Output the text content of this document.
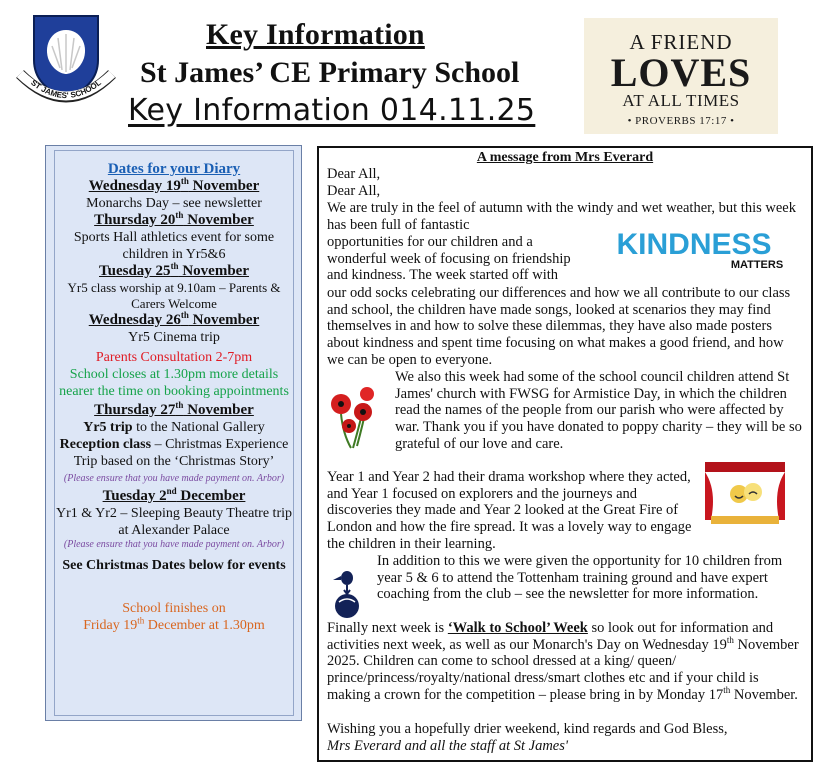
ST JAMES' SCHOOL
Key Information
St James’ CE Primary School
Key Information 014.11.25
A FRIEND
LOVES
AT ALL TIMES
• PROVERBS 17:17 •
Dates for your Diary
Wednesday 19th November
Monarchs Day – see newsletter
Thursday 20th November
Sports Hall athletics event for some children in Yr5&6
Tuesday 25th November
Yr5 class worship at 9.10am – Parents & Carers Welcome
Wednesday 26th November
Yr5 Cinema trip
Parents Consultation 2-7pm
School closes at 1.30pm more details nearer the time on booking appointments
Thursday 27th November
Yr5 trip to the National Gallery
Reception class – Christmas Experience Trip based on the ‘Christmas Story’
(Please ensure that you have made payment on. Arbor)
Tuesday 2nd December
Yr1 & Yr2 – Sleeping Beauty Theatre trip at Alexander Palace
(Please ensure that you have made payment on. Arbor)
See Christmas Dates below for events
School finishes on
Friday 19th December at 1.30pm
A message from Mrs Everard
Dear All,
Dear All,
We are truly in the feel of autumn with the windy and wet weather, but this week has been full of fantastic
opportunities for our children and a wonderful week of focusing on friendship and kindness. The week started off with
KINDNESS
MATTERS
our odd socks celebrating our differences and how we all contribute to our class and school, the children have made songs, looked at scenarios they may find themselves in and how to solve these dilemmas, they have also made posters about kindness and spent time focusing on what makes a good friend, and how we can be open to everyone.
We also this week had some of the school council children attend St James' church with FWSG for Armistice Day, in which the children read the names of the people from our parish who were affected by war. Thank you if you have donated to poppy charity – they will be so grateful of our love and care.
Year 1 and Year 2 had their drama workshop where they acted, and Year 1 focused on explorers and the journeys and discoveries they made and Year 2 looked at the Great Fire of London and how the fire spread. It was a lovely way to engage the children in their learning.
In addition to this we were given the opportunity for 10 children from year 5 & 6 to attend the Tottenham training ground and have expert coaching from the club – see the newsletter for more information.
Finally next week is ‘Walk to School’ Week so look out for information and activities next week, as well as our Monarch's Day on Wednesday 19th November 2025. Children can come to school dressed at a king/ queen/ prince/princess/royalty/national dress/smart clothes etc and if your child is making a crown for the competition – please bring in by Monday 17th November.
Wishing you a hopefully drier weekend, kind regards and God Bless,
Mrs Everard and all the staff at St James'
